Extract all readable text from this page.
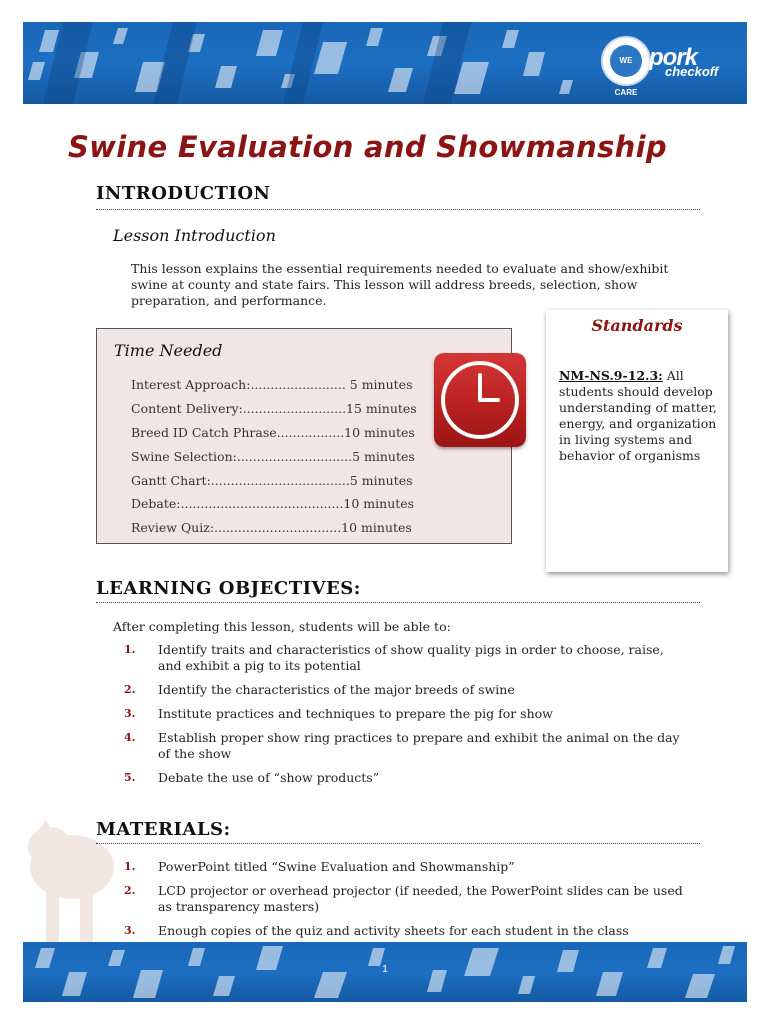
WE CARE
pork
checkoff
Swine Evaluation and Showmanship
INTRODUCTION
Lesson Introduction
This lesson explains the essential requirements needed to evaluate and show/exhibit swine at county and state fairs. This lesson will address breeds, selection, show preparation, and performance.
Time Needed
Interest Approach:........................ 5 minutes
Content Delivery:..........................15 minutes
Breed ID Catch Phrase.................10 minutes
Swine Selection:.............................5 minutes
Gantt Chart:...................................5 minutes
Debate:.........................................10 minutes
Review Quiz:................................10 minutes
Standards
NM-NS.9-12.3: All students should develop understanding of matter, energy, and organization in living systems and behavior of organisms
LEARNING OBJECTIVES:
After completing this lesson, students will be able to:
1. Identify traits and characteristics of show quality pigs in order to choose, raise, and exhibit a pig to its potential
2. Identify the characteristics of the major breeds of swine
3. Institute practices and techniques to prepare the pig for show
4. Establish proper show ring practices to prepare and exhibit the animal on the day of the show
5. Debate the use of “show products”
MATERIALS:
1. PowerPoint titled “Swine Evaluation and Showmanship”
2. LCD projector or overhead projector (if needed, the PowerPoint slides can be used as transparency masters)
3. Enough copies of the quiz and activity sheets for each student in the class
1
